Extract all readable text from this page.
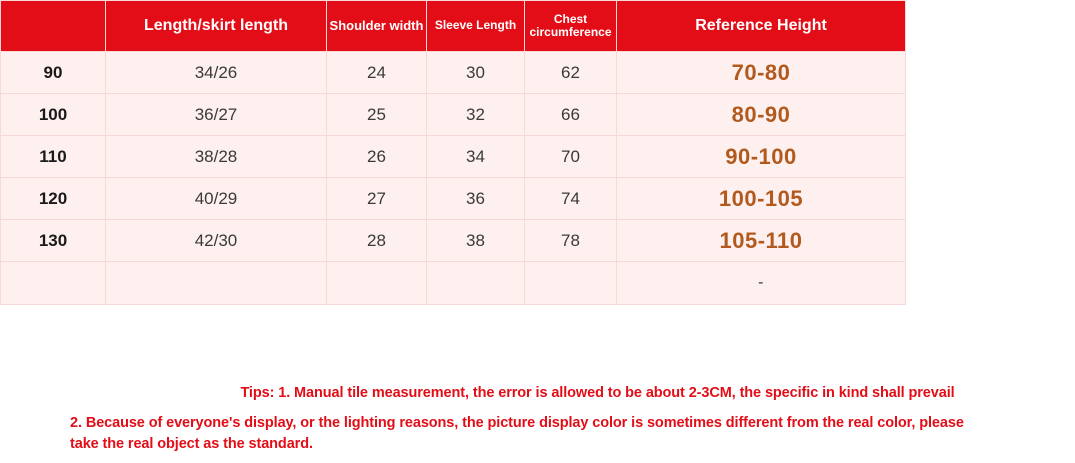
	Length/skirt length	Shoulder width	Sleeve Length	Chest circumference	Reference Height
90	34/26	24	30	62	70-80
100	36/27	25	32	66	80-90
110	38/28	26	34	70	90-100
120	40/29	27	36	74	100-105
130	42/30	28	38	78	105-110
					-
Tips: 1. Manual tile measurement, the error is allowed to be about 2-3CM, the specific in kind shall prevail
2. Because of everyone's display, or the lighting reasons, the picture display color is sometimes different from the real color, please take the real object as the standard.
